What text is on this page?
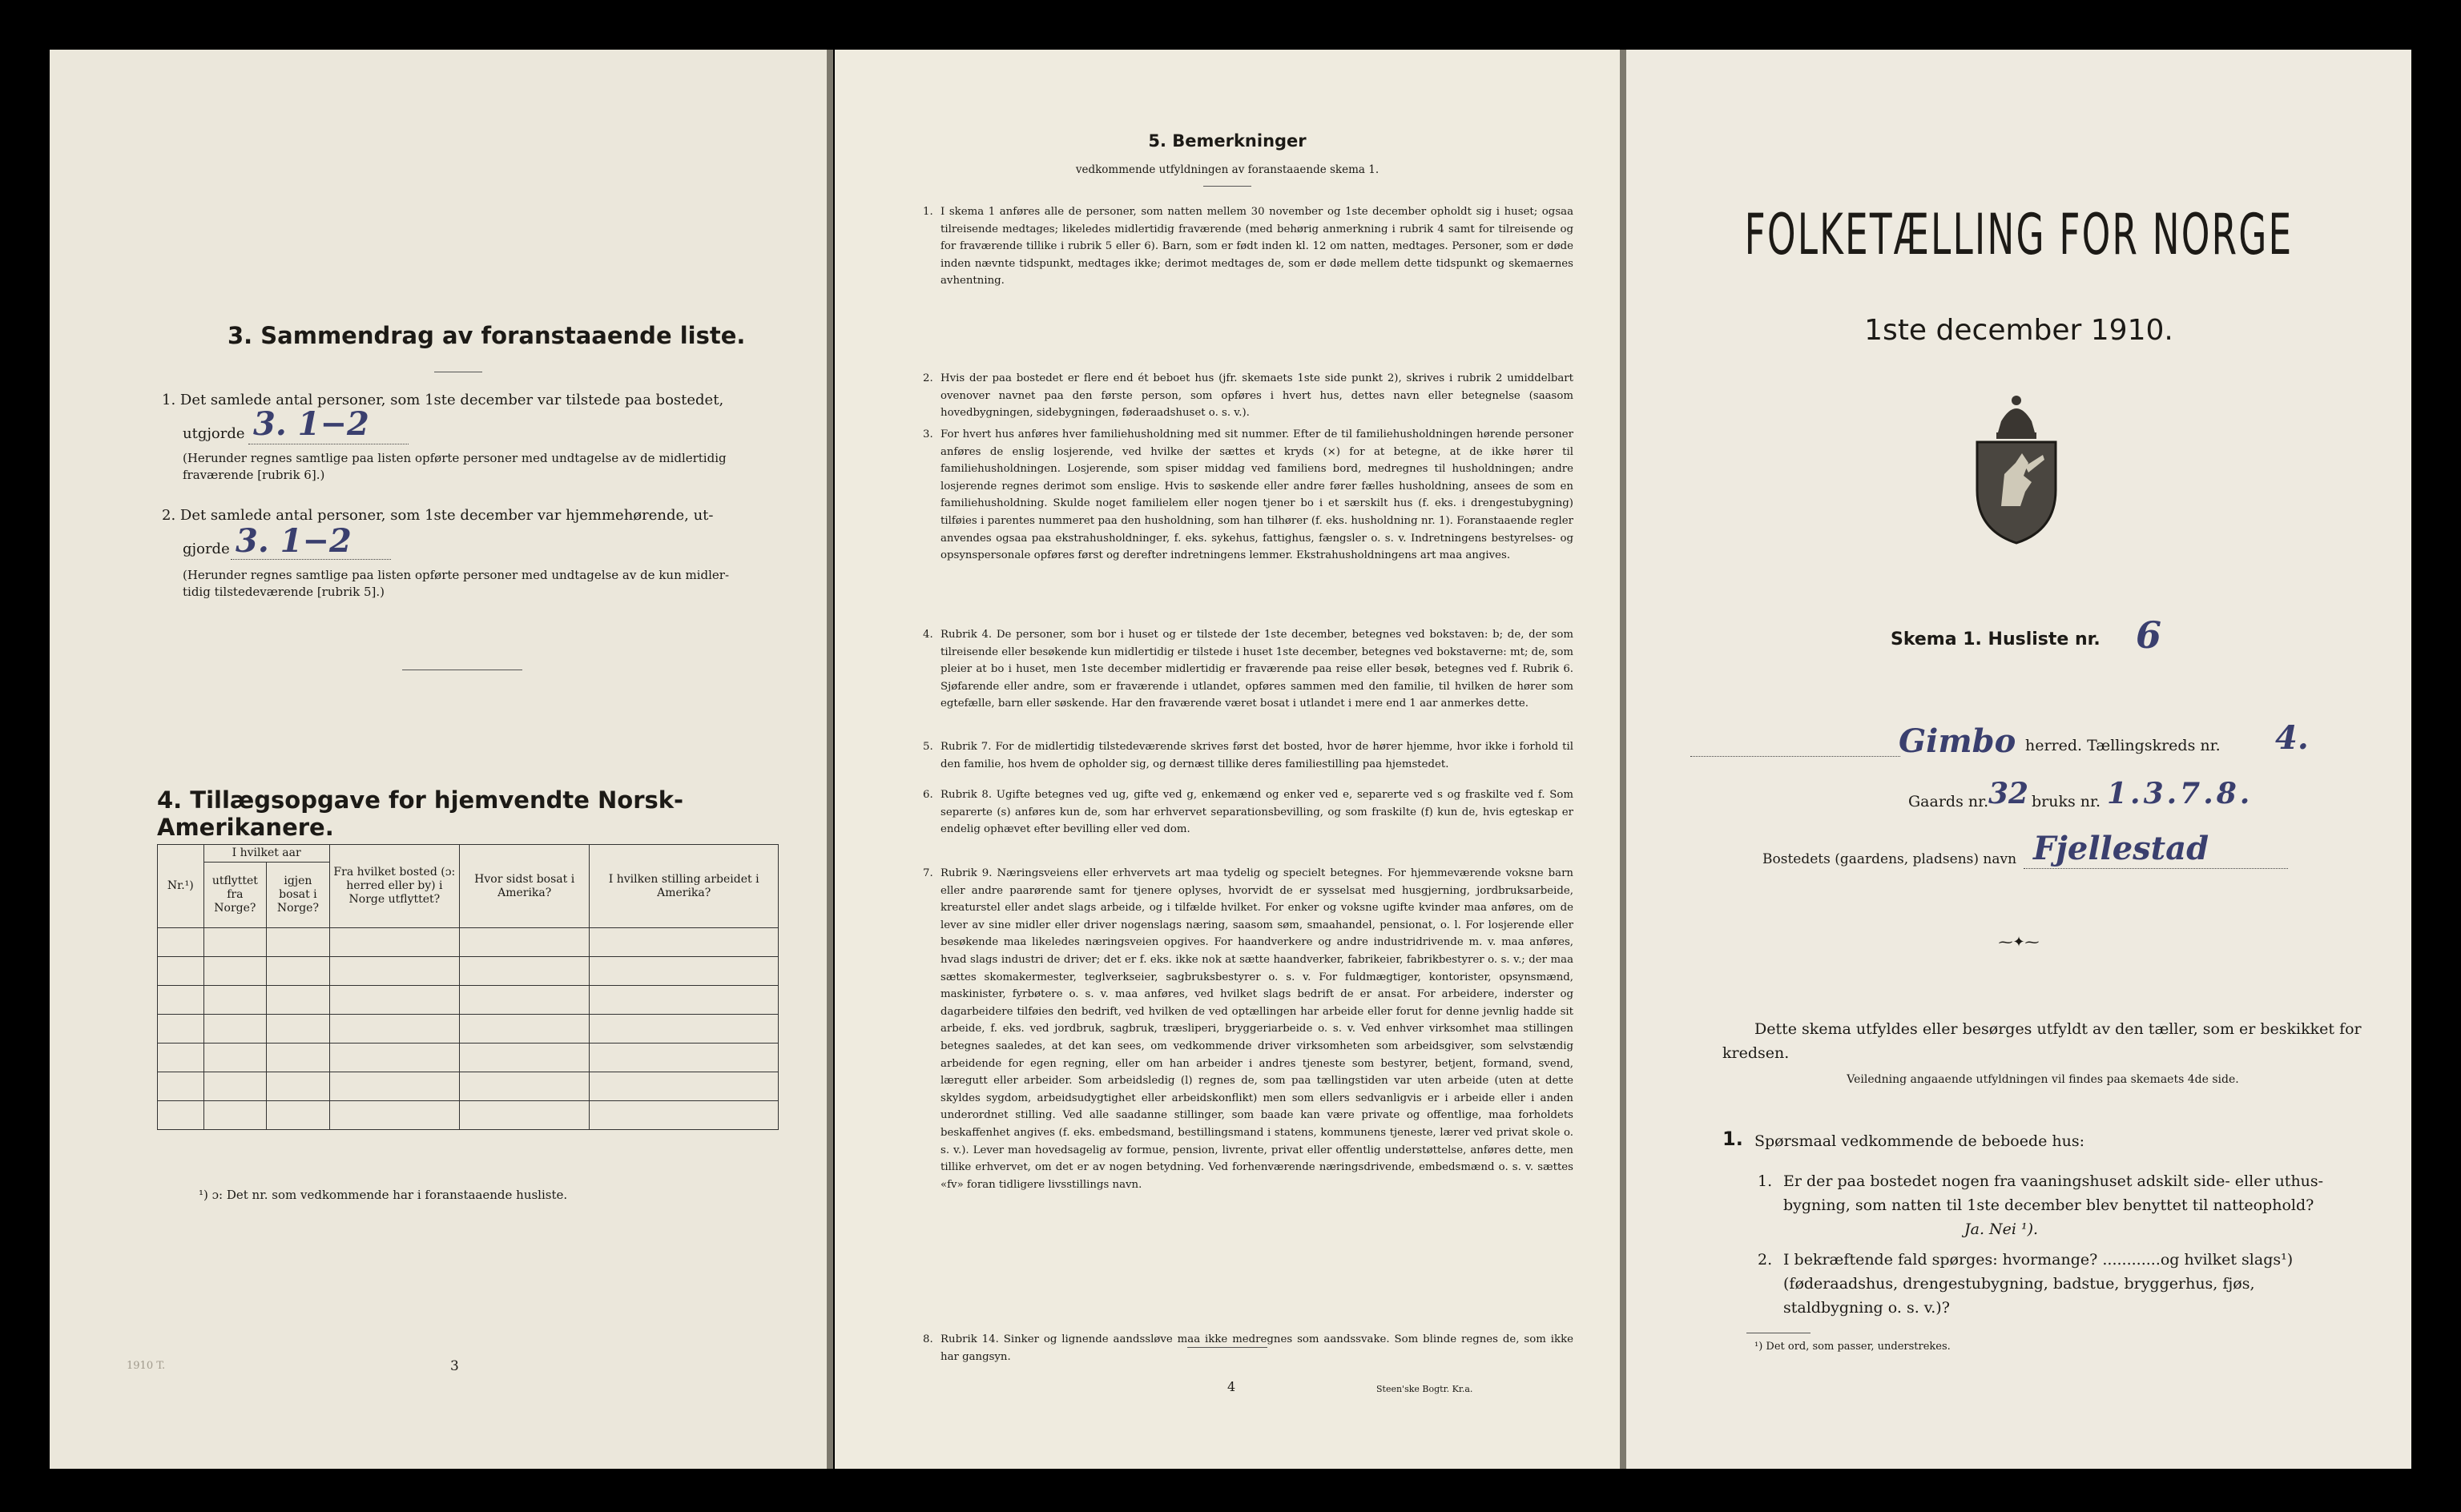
3. Sammendrag av foranstaaende liste.
1. Det samlede antal personer, som 1ste december var tilstede paa bostedet,
utgjorde 3. 1−2
(Herunder regnes samtlige paa listen opførte personer med undtagelse av de midlertidig
fraværende [rubrik 6].)
2. Det samlede antal personer, som 1ste december var hjemmehørende, ut-
gjorde 3. 1−2
(Herunder regnes samtlige paa listen opførte personer med undtagelse av de kun midler-
tidig tilstedeværende [rubrik 5].)
4. Tillægsopgave for hjemvendte Norsk-Amerikanere.
Nr.¹)	I hvilket aar		Fra hvilket bosted (ɔ: herred eller by) i Norge utflyttet?	Hvor sidst bosat i Amerika?	I hvilken stilling arbeidet i Amerika?
	utflyttet fra Norge?	igjen bosat i Norge?			

¹) ɔ: Det nr. som vedkommende har i foranstaaende husliste.
3
1910 T.
5. Bemerkninger
vedkommende utfyldningen av foranstaaende skema 1.
1. I skema 1 anføres alle de personer, som natten mellem 30 november og 1ste december opholdt sig i huset; ogsaa tilreisende medtages; likeledes midlertidig fraværende (med behørig anmerkning i rubrik 4 samt for tilreisende og for fraværende tillike i rubrik 5 eller 6). Barn, som er født inden kl. 12 om natten, medtages. Personer, som er døde inden nævnte tidspunkt, medtages ikke; derimot medtages de, som er døde mellem dette tidspunkt og skemaernes avhentning.
2. Hvis der paa bostedet er flere end ét beboet hus (jfr. skemaets 1ste side punkt 2), skrives i rubrik 2 umiddelbart ovenover navnet paa den første person, som opføres i hvert hus, dettes navn eller betegnelse (saasom hovedbygningen, sidebygningen, føderaadshuset o. s. v.).
3. For hvert hus anføres hver familiehusholdning med sit nummer. Efter de til familiehusholdningen hørende personer anføres de enslig losjerende, ved hvilke der sættes et kryds (×) for at betegne, at de ikke hører til familiehusholdningen. Losjerende, som spiser middag ved familiens bord, medregnes til husholdningen; andre losjerende regnes derimot som enslige. Hvis to søskende eller andre fører fælles husholdning, ansees de som en familiehusholdning. Skulde noget familielem eller nogen tjener bo i et særskilt hus (f. eks. i drengestubygning) tilføies i parentes nummeret paa den husholdning, som han tilhører (f. eks. husholdning nr. 1). Foranstaaende regler anvendes ogsaa paa ekstrahusholdninger, f. eks. sykehus, fattighus, fængsler o. s. v. Indretningens bestyrelses- og opsynspersonale opføres først og derefter indretningens lemmer. Ekstrahusholdningens art maa angives.
4. Rubrik 4. De personer, som bor i huset og er tilstede der 1ste december, betegnes ved bokstaven: b; de, der som tilreisende eller besøkende kun midlertidig er tilstede i huset 1ste december, betegnes ved bokstaverne: mt; de, som pleier at bo i huset, men 1ste december midlertidig er fraværende paa reise eller besøk, betegnes ved f. Rubrik 6. Sjøfarende eller andre, som er fraværende i utlandet, opføres sammen med den familie, til hvilken de hører som egtefælle, barn eller søskende. Har den fraværende været bosat i utlandet i mere end 1 aar anmerkes dette.
5. Rubrik 7. For de midlertidig tilstedeværende skrives først det bosted, hvor de hører hjemme, hvor ikke i forhold til den familie, hos hvem de opholder sig, og dernæst tillike deres familiestilling paa hjemstedet.
6. Rubrik 8. Ugifte betegnes ved ug, gifte ved g, enkemænd og enker ved e, separerte ved s og fraskilte ved f. Som separerte (s) anføres kun de, som har erhvervet separationsbevilling, og som fraskilte (f) kun de, hvis egteskap er endelig ophævet efter bevilling eller ved dom.
7. Rubrik 9. Næringsveiens eller erhvervets art maa tydelig og specielt betegnes. For hjemmeværende voksne barn eller andre paarørende samt for tjenere oplyses, hvorvidt de er sysselsat med husgjerning, jordbruksarbeide, kreaturstel eller andet slags arbeide, og i tilfælde hvilket. For enker og voksne ugifte kvinder maa anføres, om de lever av sine midler eller driver nogenslags næring, saasom søm, smaahandel, pensionat, o. l. For losjerende eller besøkende maa likeledes næringsveien opgives. For haandverkere og andre industridrivende m. v. maa anføres, hvad slags industri de driver; det er f. eks. ikke nok at sætte haandverker, fabrikeier, fabrikbestyrer o. s. v.; der maa sættes skomakermester, teglverkseier, sagbruksbestyrer o. s. v. For fuldmægtiger, kontorister, opsynsmænd, maskinister, fyrbøtere o. s. v. maa anføres, ved hvilket slags bedrift de er ansat. For arbeidere, inderster og dagarbeidere tilføies den bedrift, ved hvilken de ved optællingen har arbeide eller forut for denne jevnlig hadde sit arbeide, f. eks. ved jordbruk, sagbruk, træsliperi, bryggeriarbeide o. s. v. Ved enhver virksomhet maa stillingen betegnes saaledes, at det kan sees, om vedkommende driver virksomheten som arbeidsgiver, som selvstændig arbeidende for egen regning, eller om han arbeider i andres tjeneste som bestyrer, betjent, formand, svend, læregutt eller arbeider. Som arbeidsledig (l) regnes de, som paa tællingstiden var uten arbeide (uten at dette skyldes sygdom, arbeidsudygtighet eller arbeidskonflikt) men som ellers sedvanligvis er i arbeide eller i anden underordnet stilling. Ved alle saadanne stillinger, som baade kan være private og offentlige, maa forholdets beskaffenhet angives (f. eks. embedsmand, bestillingsmand i statens, kommunens tjeneste, lærer ved privat skole o. s. v.). Lever man hovedsagelig av formue, pension, livrente, privat eller offentlig understøttelse, anføres dette, men tillike erhvervet, om det er av nogen betydning. Ved forhenværende næringsdrivende, embedsmænd o. s. v. sættes «fv» foran tidligere livsstillings navn.
8. Rubrik 14. Sinker og lignende aandssløve maa ikke medregnes som aandssvake. Som blinde regnes de, som ikke har gangsyn.
4	Steen'ske Bogtr. Kr.a.
FOLKETÆLLING FOR NORGE
1ste december 1910.
Skema 1. Husliste nr. 6
Gimbo herred. Tællingskreds nr. 4.
Gaards nr. 32 bruks nr. 1.3.7.8.
Bostedets (gaardens, pladsens) navn Fjellestad
⁓✦⁓
Dette skema utfyldes eller besørges utfyldt av den tæller, som er beskikket for kredsen.
Veiledning angaaende utfyldningen vil findes paa skemaets 4de side.
1. Spørsmaal vedkommende de beboede hus:
1. Er der paa bostedet nogen fra vaaningshuset adskilt side- eller uthus-bygning, som natten til 1ste december blev benyttet til natteophold?
Ja. Nei ¹).
2. I bekræftende fald spørges: hvormange? ............og hvilket slags¹) (føderaadshus, drengestubygning, badstue, bryggerhus, fjøs, staldbygning o. s. v.)?
¹) Det ord, som passer, understrekes.
